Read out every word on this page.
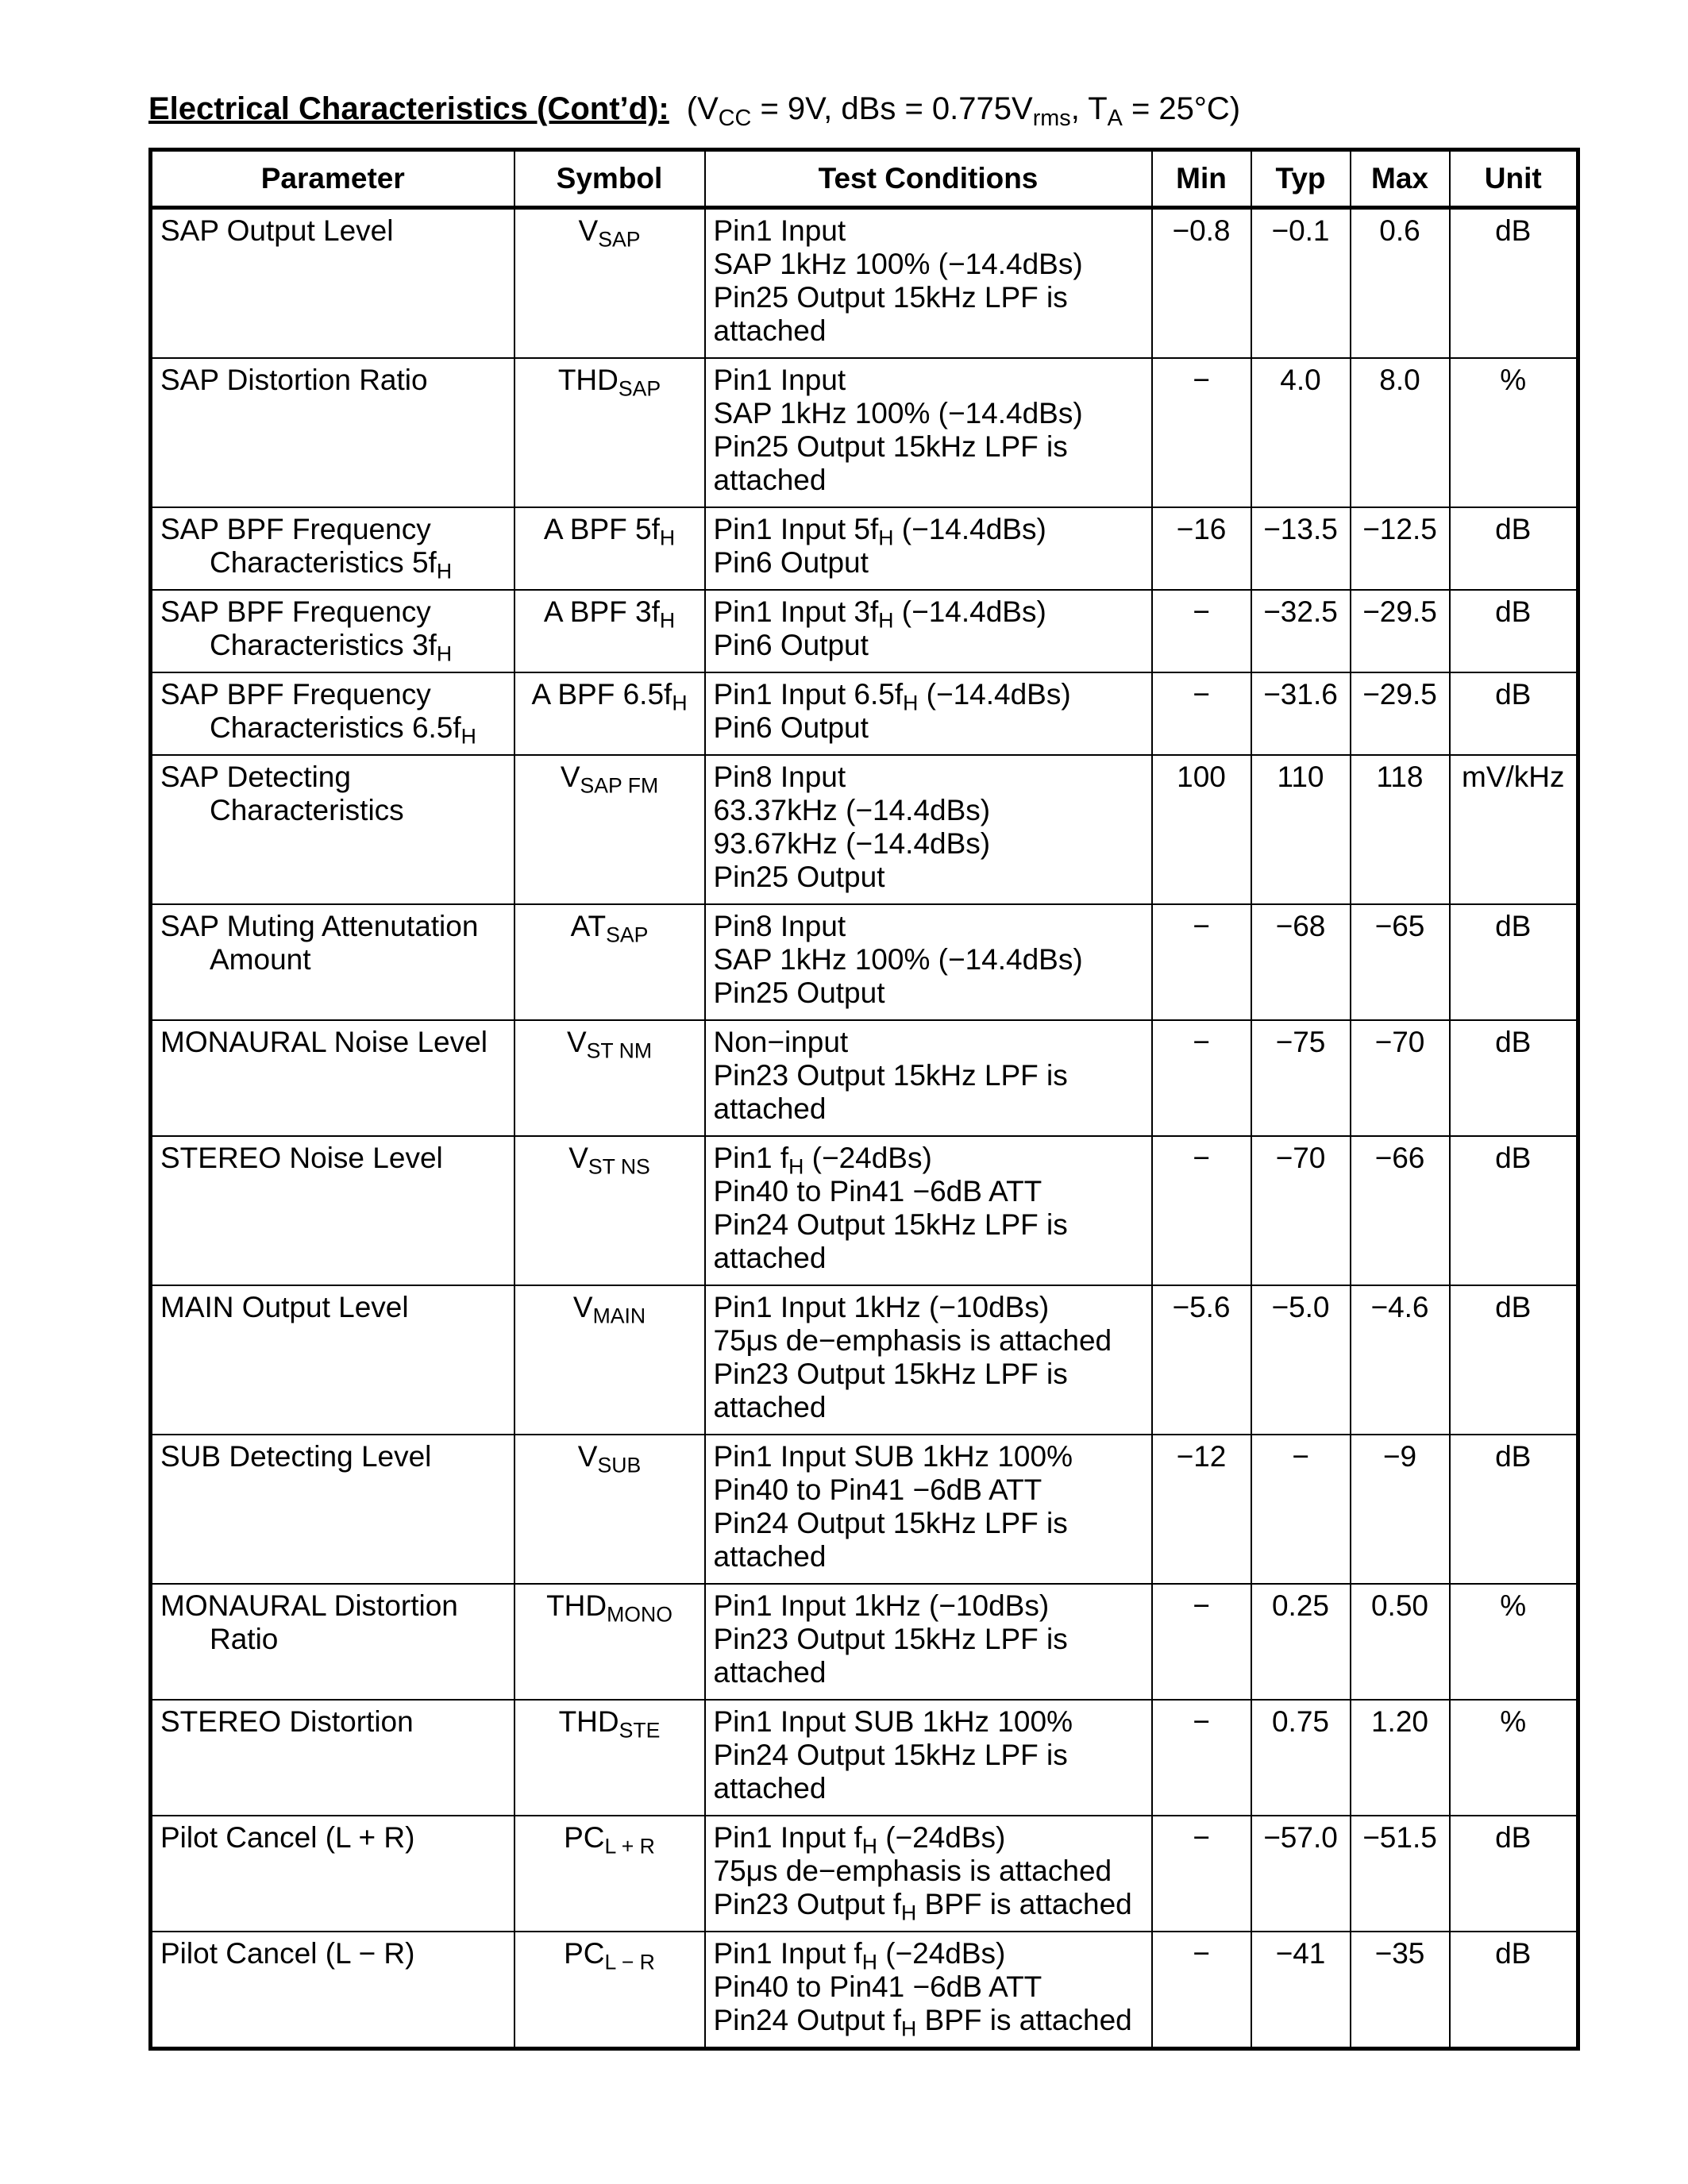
Electrical Characteristics (Cont’d): ($V_{CC} = 9V$, dBs = $0.775V_{rms}$, $T_A = 25^\circ C$)
Parameter	Symbol	Test Conditions	Min	Typ	Max	Unit

SAP Output Level	$V_{SAP}$	Pin1 Input
SAP 1kHz 100% (−14.4dBs)
Pin25 Output 15kHz LPF is
attached	−0.8	−0.1	0.6	dB

SAP Distortion Ratio	$THD_{SAP}$	Pin1 Input
SAP 1kHz 100% (−14.4dBs)
Pin25 Output 15kHz LPF is
attached	−	4.0	8.0	%

SAP BPF Frequency
Characteristics $5f_H$	A BPF $5f_H$	Pin1 Input $5f_H$ (−14.4dBs)
Pin6 Output	−16	−13.5	−12.5	dB

SAP BPF Frequency
Characteristics $3f_H$	A BPF $3f_H$	Pin1 Input $3f_H$ (−14.4dBs)
Pin6 Output	−	−32.5	−29.5	dB

SAP BPF Frequency
Characteristics $6.5f_H$	A BPF $6.5f_H$	Pin1 Input $6.5f_H$ (−14.4dBs)
Pin6 Output	−	−31.6	−29.5	dB

SAP Detecting
Characteristics	$V_{SAP FM}$	Pin8 Input
63.37kHz (−14.4dBs)
93.67kHz (−14.4dBs)
Pin25 Output	100	110	118	mV/kHz

SAP Muting Attenutation
Amount	$AT_{SAP}$	Pin8 Input
SAP 1kHz 100% (−14.4dBs)
Pin25 Output	−	−68	−65	dB

MONAURAL Noise Level	$V_{ST NM}$	Non−input
Pin23 Output 15kHz LPF is
attached	−	−75	−70	dB

STEREO Noise Level	$V_{ST NS}$	Pin1 $f_H$ (−24dBs)
Pin40 to Pin41 −6dB ATT
Pin24 Output 15kHz LPF is
attached	−	−70	−66	dB

MAIN Output Level	$V_{MAIN}$	Pin1 Input 1kHz (−10dBs)
75μs de−emphasis is attached
Pin23 Output 15kHz LPF is
attached	−5.6	−5.0	−4.6	dB

SUB Detecting Level	$V_{SUB}$	Pin1 Input SUB 1kHz 100%
Pin40 to Pin41 −6dB ATT
Pin24 Output 15kHz LPF is
attached	−12	−	−9	dB

MONAURAL Distortion
Ratio	$THD_{MONO}$	Pin1 Input 1kHz (−10dBs)
Pin23 Output 15kHz LPF is
attached	−	0.25	0.50	%

STEREO Distortion	$THD_{STE}$	Pin1 Input SUB 1kHz 100%
Pin24 Output 15kHz LPF is
attached	−	0.75	1.20	%

Pilot Cancel (L + R)	$PC_{L + R}$	Pin1 Input $f_H$ (−24dBs)
75μs de−emphasis is attached
Pin23 Output $f_H$ BPF is attached	−	−57.0	−51.5	dB

Pilot Cancel (L − R)	$PC_{L - R}$	Pin1 Input $f_H$ (−24dBs)
Pin40 to Pin41 −6dB ATT
Pin24 Output $f_H$ BPF is attached	−	−41	−35	dB
